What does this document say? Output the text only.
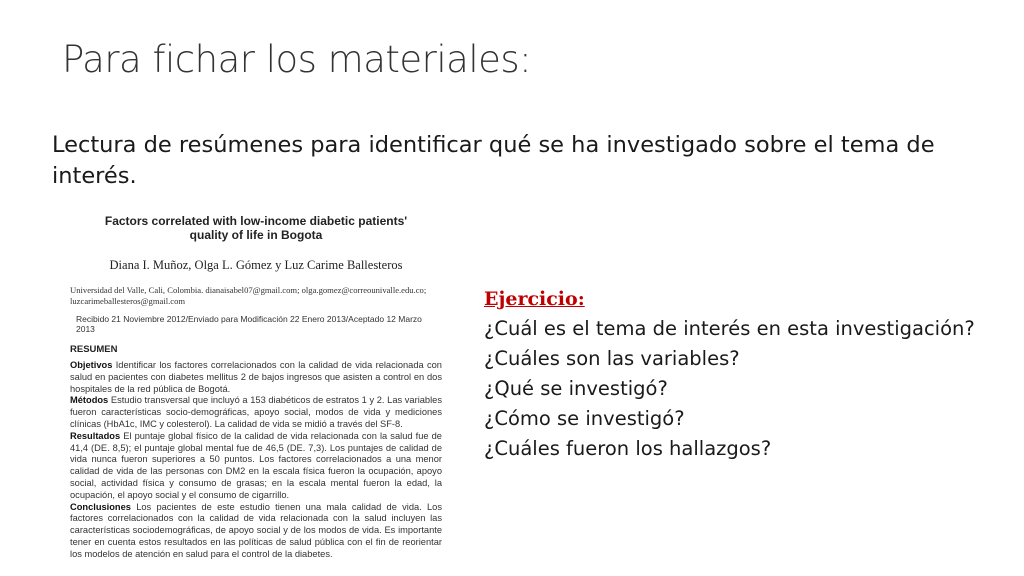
Para fichar los materiales:
Lectura de resúmenes para identificar qué se ha investigado sobre el tema de interés.
Factors correlated with low-income diabetic patients'
quality of life in Bogota
Diana I. Muñoz, Olga L. Gómez y Luz Carime Ballesteros
Universidad del Valle, Cali, Colombia. dianaisabel07@gmail.com; olga.gomez@correounivalle.edu.co; luzcarimeballesteros@gmail.com
Recibido 21 Noviembre 2012/Enviado para Modificación 22 Enero 2013/Aceptado 12 Marzo 2013
RESUMEN

Objetivos Identificar los factores correlacionados con la calidad de vida relacionada con salud en pacientes con diabetes mellitus 2 de bajos ingresos que asisten a control en dos hospitales de la red pública de Bogotá.

Métodos Estudio transversal que incluyó a 153 diabéticos de estratos 1 y 2. Las variables fueron características socio-demográficas, apoyo social, modos de vida y mediciones clínicas (HbA1c, IMC y colesterol). La calidad de vida se midió a través del SF-8.

Resultados El puntaje global físico de la calidad de vida relacionada con la salud fue de 41,4 (DE. 8,5); el puntaje global mental fue de 46,5 (DE. 7,3). Los puntajes de calidad de vida nunca fueron superiores a 50 puntos. Los factores correlacionados a una menor calidad de vida de las personas con DM2 en la escala física fueron la ocupación, apoyo social, actividad física y consumo de grasas; en la escala mental fueron la edad, la ocupación, el apoyo social y el consumo de cigarrillo.

Conclusiones Los pacientes de este estudio tienen una mala calidad de vida. Los factores correlacionados con la calidad de vida relacionada con la salud incluyen las características sociodemográficas, de apoyo social y de los modos de vida. Es importante tener en cuenta estos resultados en las políticas de salud pública con el fin de reorientar los modelos de atención en salud para el control de la diabetes.

Ejercicio:
¿Cuál es el tema de interés en esta investigación?
¿Cuáles son las variables?
¿Qué se investigó?
¿Cómo se investigó?
¿Cuáles fueron los hallazgos?
